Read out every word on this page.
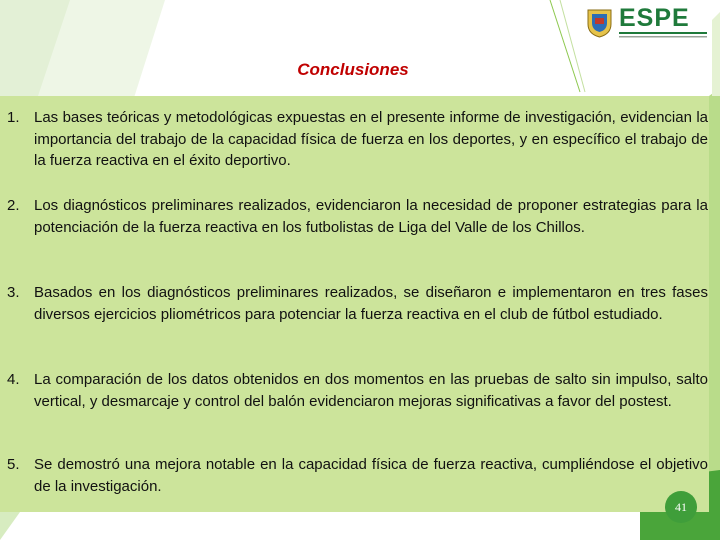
ESPE
Conclusiones
1. Las bases teóricas y metodológicas expuestas en el presente informe de investigación, evidencian la importancia del trabajo de la capacidad física de fuerza en los deportes, y en específico el trabajo de la fuerza reactiva en el éxito deportivo.
2. Los diagnósticos preliminares realizados, evidenciaron la necesidad de proponer estrategias para la potenciación de la fuerza reactiva en los futbolistas de Liga del Valle de los Chillos.
3. Basados en los diagnósticos preliminares realizados, se diseñaron e implementaron en tres fases diversos ejercicios pliométricos para potenciar la fuerza reactiva en el club de fútbol estudiado.
4. La comparación de los datos obtenidos en dos momentos en las pruebas de salto sin impulso, salto vertical, y desmarcaje y control del balón evidenciaron mejoras significativas a favor del postest.
5. Se demostró una mejora notable en la capacidad física de fuerza reactiva, cumpliéndose el objetivo de la investigación.
41
